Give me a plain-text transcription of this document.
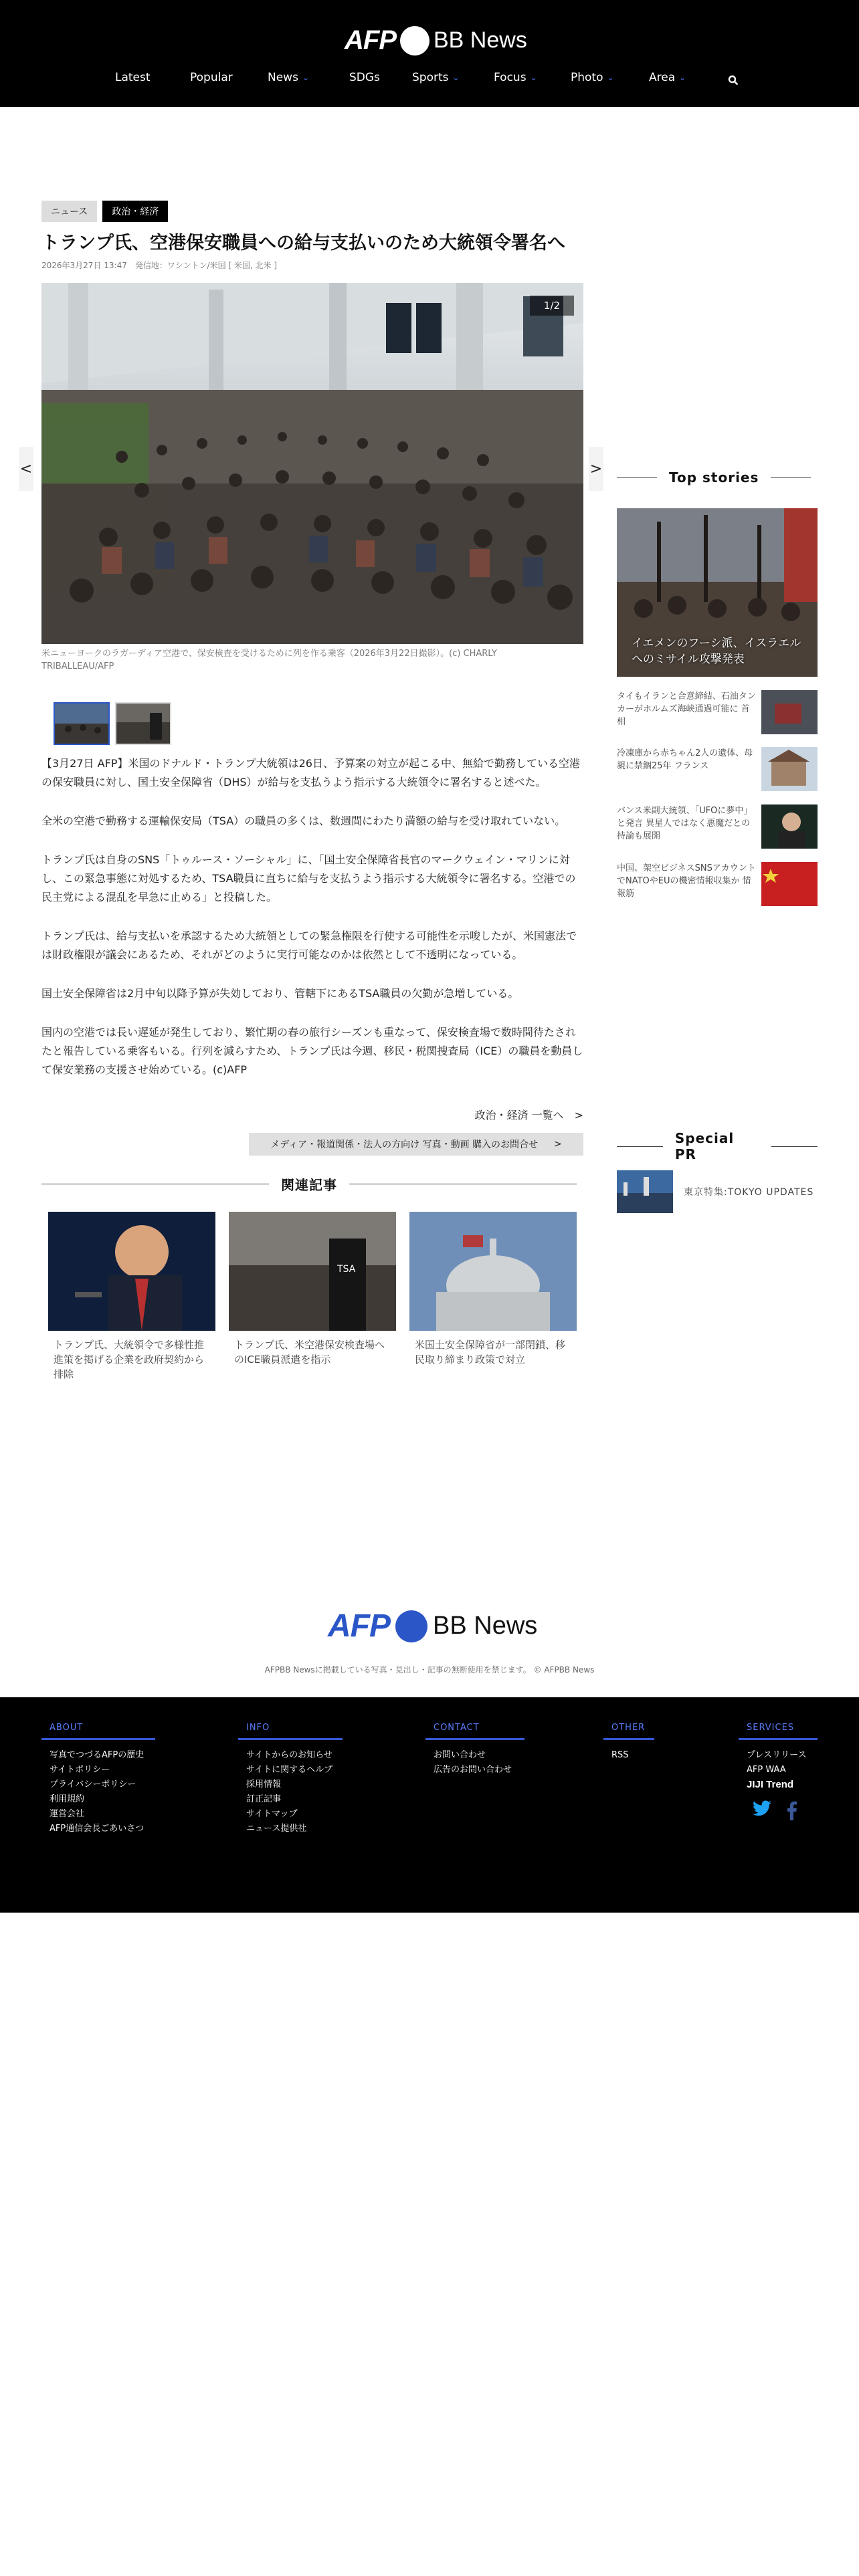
AFP BB News
Latest	Popular	News ⌄	SDGs	Sports ⌄	Focus ⌄	Photo ⌄	Area ⌄
ニュース	政治・経済
トランプ氏、空港保安職員への給与支払いのため大統領令署名へ
2026年3月27日 13:47　発信地：ワシントン/米国 [ 米国, 北米 ]
1/2
<	>
米ニューヨークのラガーディア空港で、保安検査を受けるために列を作る乗客（2026年3月22日撮影）。(c) CHARLY TRIBALLEAU/AFP

【3月27日 AFP】米国のドナルド・トランプ大統領は26日、予算案の対立が起こる中、無給で勤務している空港の保安職員に対し、国土安全保障省（DHS）が給与を支払うよう指示する大統領令に署名すると述べた。

全米の空港で勤務する運輸保安局（TSA）の職員の多くは、数週間にわたり満額の給与を受け取れていない。

トランプ氏は自身のSNS「トゥルース・ソーシャル」に、「国土安全保障省長官のマークウェイン・マリンに対し、この緊急事態に対処するため、TSA職員に直ちに給与を支払うよう指示する大統領令に署名する。空港での民主党による混乱を早急に止める」と投稿した。

トランプ氏は、給与支払いを承認するため大統領としての緊急権限を行使する可能性を示唆したが、米国憲法では財政権限が議会にあるため、それがどのように実行可能なのかは依然として不透明になっている。

国土安全保障省は2月中旬以降予算が失効しており、管轄下にあるTSA職員の欠勤が急増している。

国内の空港では長い遅延が発生しており、繁忙期の春の旅行シーズンも重なって、保安検査場で数時間待たされたと報告している乗客もいる。行列を減らすため、トランプ氏は今週、移民・税関捜査局（ICE）の職員を動員して保安業務の支援させ始めている。(c)AFP

政治・経済 一覧へ　>
メディア・報道関係・法人の方向け 写真・動画 購入のお問合せ >
関連記事
トランプ氏、大統領令で多様性推進策を掲げる企業を政府契約から排除
TSA
トランプ氏、米空港保安検査場へのICE職員派遣を指示
米国土安全保障省が一部閉鎖、移民取り締まり政策で対立
Top stories
イエメンのフーシ派、イスラエルへのミサイル攻撃発表
タイもイランと合意締結、石油タンカーがホルムズ海峡通過可能に 首相
冷凍庫から赤ちゃん2人の遺体、母親に禁錮25年 フランス
バンス米副大統領、「UFOに夢中」と発言 異星人ではなく悪魔だとの持論も展開
中国、架空ビジネスSNSアカウントでNATOやEUの機密情報収集か 情報筋
Special PR
東京特集:TOKYO UPDATES
AFP BB News
AFPBB Newsに掲載している写真・見出し・記事の無断使用を禁じます。 © AFPBB News
ABOUT
写真でつづるAFPの歴史
サイトポリシー
プライバシーポリシー
利用規約
運営会社
AFP通信会長ごあいさつ
INFO
サイトからのお知らせ
サイトに関するヘルプ
採用情報
訂正記事
サイトマップ
ニュース提供社
CONTACT
お問い合わせ
広告のお問い合わせ
OTHER
RSS
SERVICES
プレスリリース
AFP WAA
JIJI Trend
